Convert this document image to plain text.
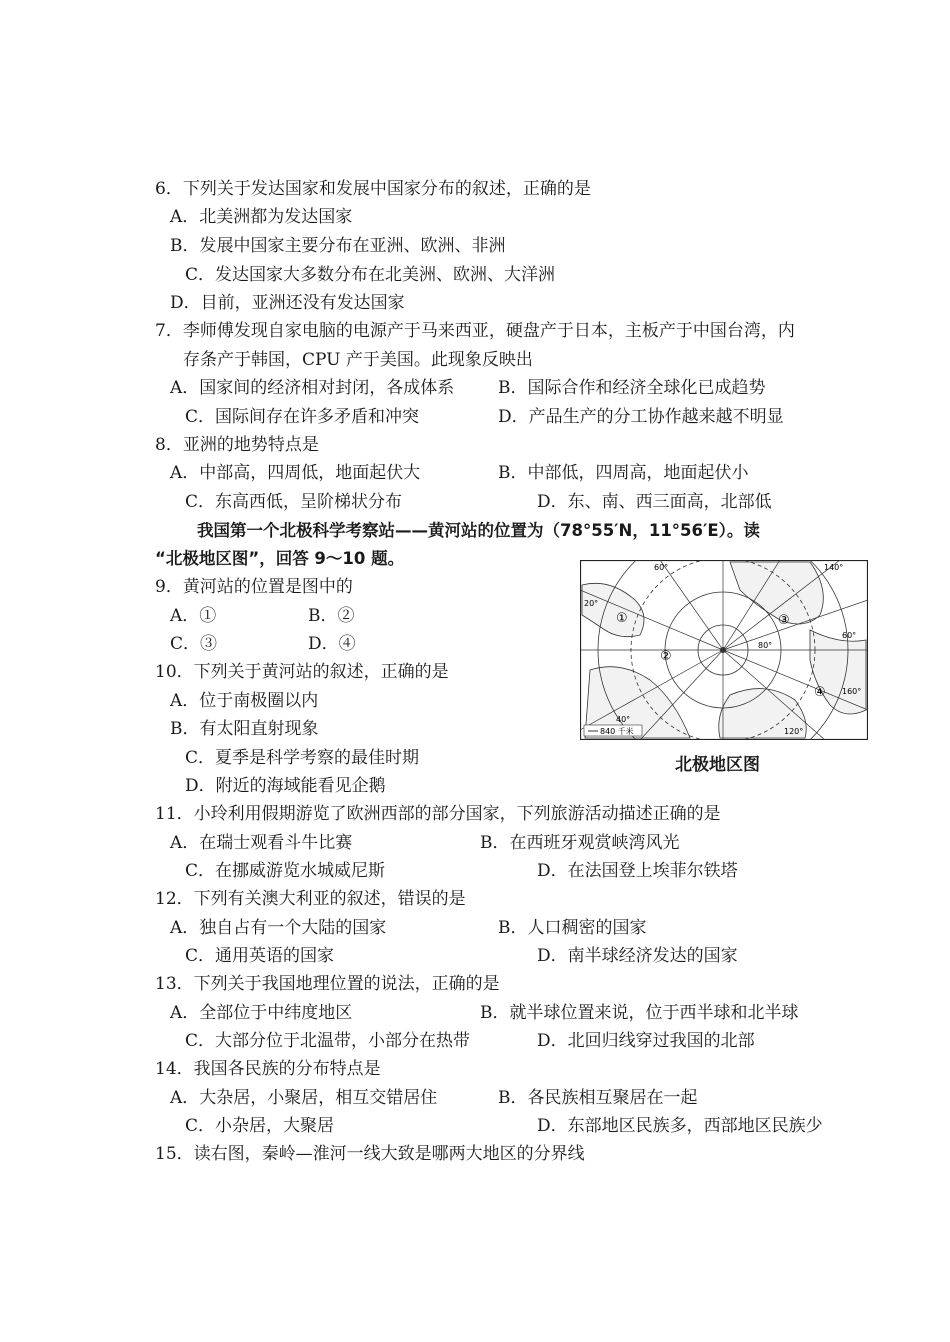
6．下列关于发达国家和发展中国家分布的叙述，正确的是
A．北美洲都为发达国家
B．发展中国家主要分布在亚洲、欧洲、非洲
C．发达国家大多数分布在北美洲、欧洲、大洋洲
D．目前，亚洲还没有发达国家
7．李师傅发现自家电脑的电源产于马来西亚，硬盘产于日本，主板产于中国台湾，内
存条产于韩国，CPU 产于美国。此现象反映出
A．国家间的经济相对封闭，各成体系	B．国际合作和经济全球化已成趋势
C．国际间存在许多矛盾和冲突	D．产品生产的分工协作越来越不明显
8．亚洲的地势特点是
A．中部高，四周低，地面起伏大	B．中部低，四周高，地面起伏小
C．东高西低，呈阶梯状分布	D．东、南、西三面高，北部低
我国第一个北极科学考察站——黄河站的位置为（78°55′N，11°56′E）。读
“北极地区图”，回答 9～10 题。
9．黄河站的位置是图中的
A．①	B．②
C．③	D．④
10．下列关于黄河站的叙述，正确的是
A．位于南极圈以内
B．有太阳直射现象
C．夏季是科学考察的最佳时期
D．附近的海域能看见企鹅
①
②
③
④
60°
20°
140°
60°
80°
160°
40°
120°
840 千米
北极地区图
11．小玲利用假期游览了欧洲西部的部分国家，下列旅游活动描述正确的是
A．在瑞士观看斗牛比赛	B．在西班牙观赏峡湾风光
C．在挪威游览水城威尼斯	D．在法国登上埃菲尔铁塔
12．下列有关澳大利亚的叙述，错误的是
A．独自占有一个大陆的国家	B．人口稠密的国家
C．通用英语的国家	D．南半球经济发达的国家
13．下列关于我国地理位置的说法，正确的是
A．全部位于中纬度地区	B．就半球位置来说，位于西半球和北半球
C．大部分位于北温带，小部分在热带	D．北回归线穿过我国的北部
14．我国各民族的分布特点是
A．大杂居，小聚居，相互交错居住	B．各民族相互聚居在一起
C．小杂居，大聚居	D．东部地区民族多，西部地区民族少
15．读右图，秦岭—淮河一线大致是哪两大地区的分界线
